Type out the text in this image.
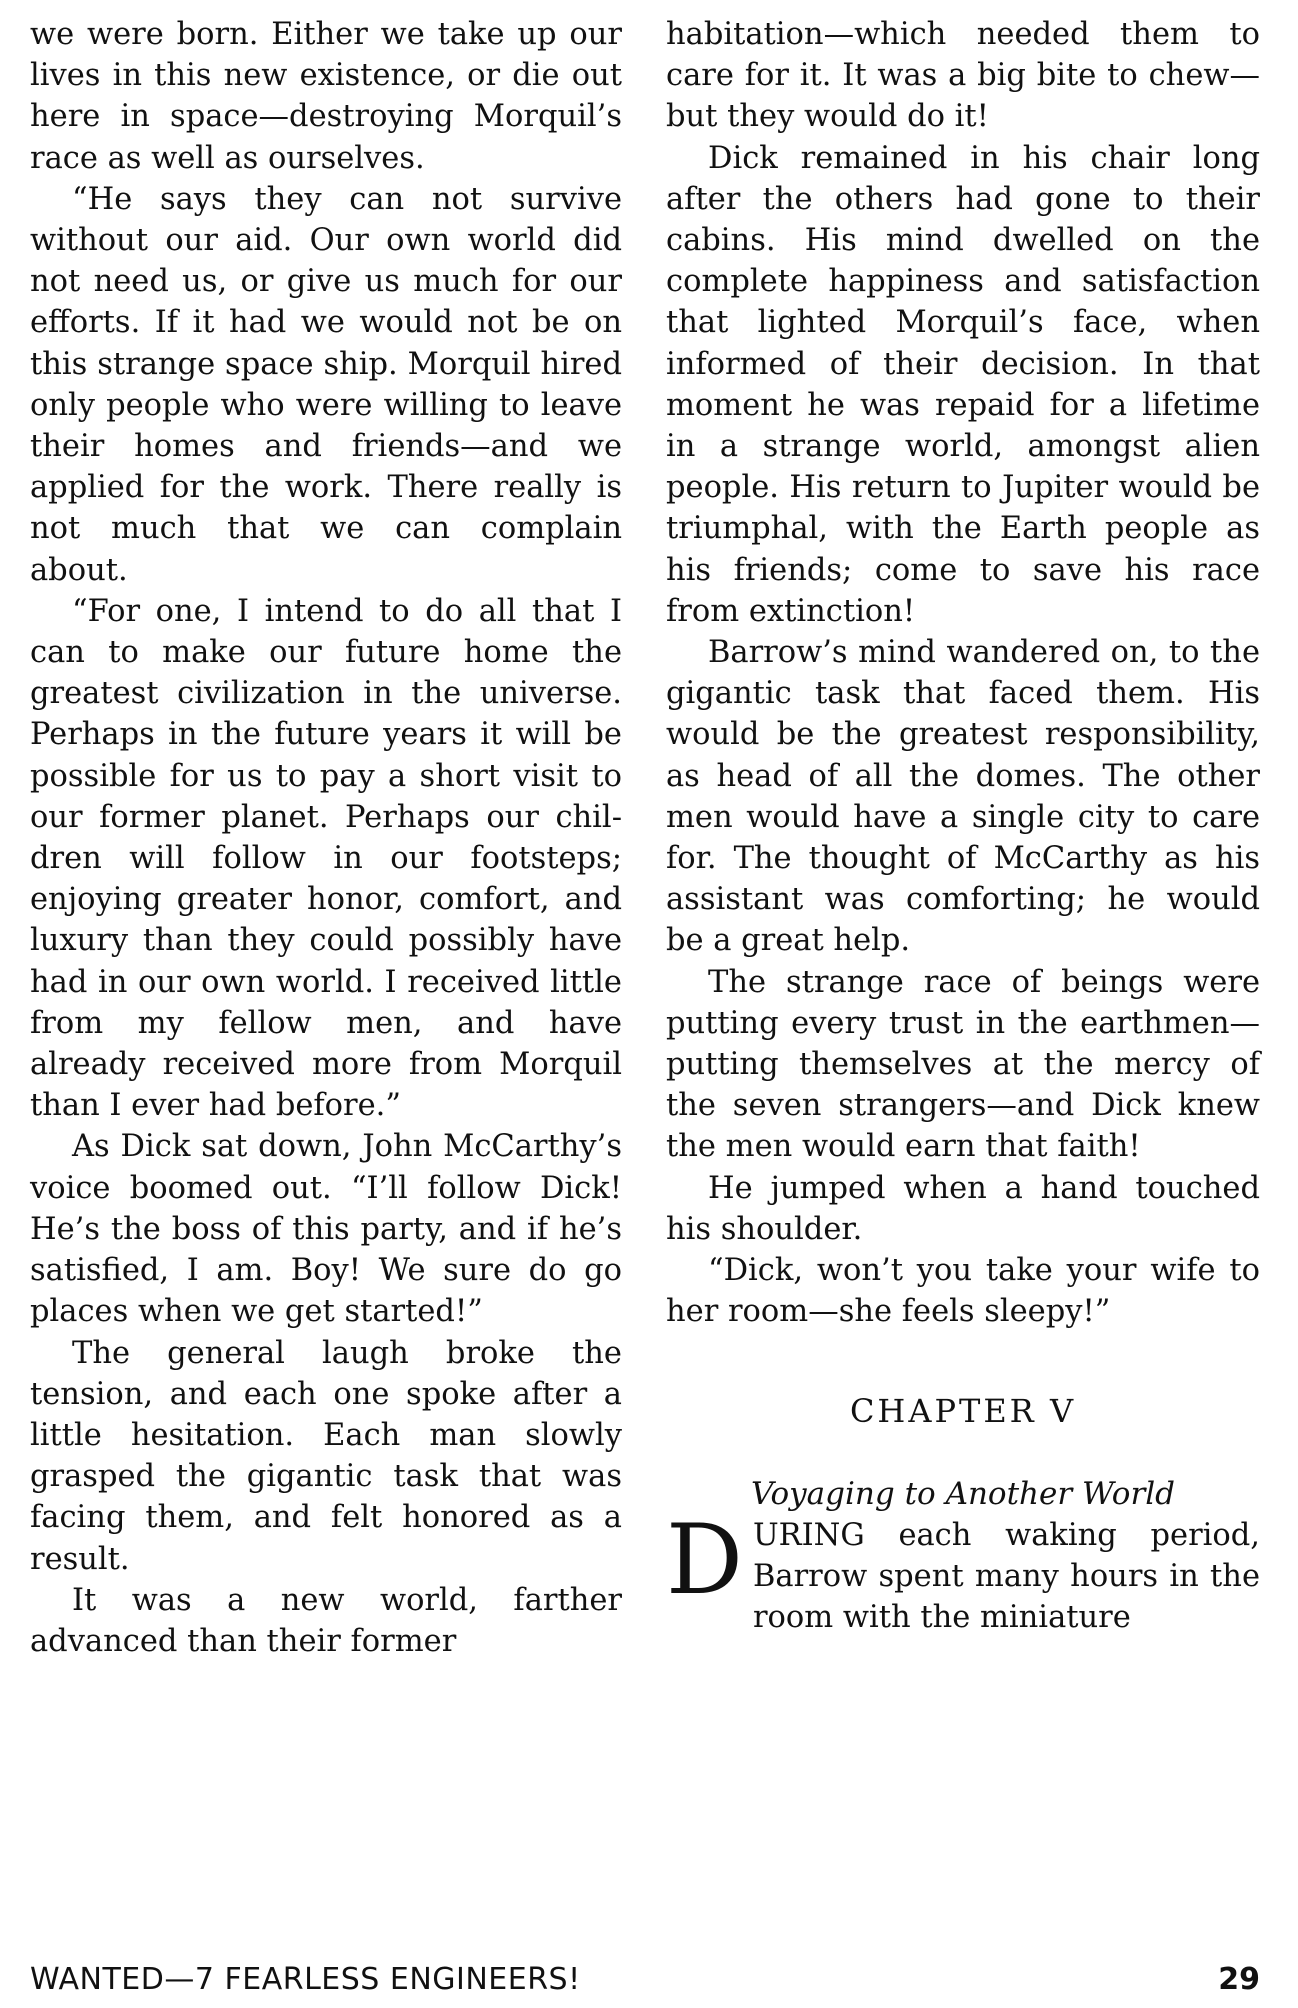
we were born. Either we take up our lives in this new existence, or die out here in space—destroying Morquil’s race as well as ourselves.

“He says they can not survive without our aid. Our own world did not need us, or give us much for our efforts. If it had we would not be on this strange space ship. Morquil hired only people who were willing to leave their homes and friends—and we applied for the work. There really is not much that we can complain about.

“For one, I intend to do all that I can to make our future home the greatest civilization in the universe. Perhaps in the future years it will be possible for us to pay a short visit to our former planet. Perhaps our children will follow in our footsteps; enjoying greater honor, comfort, and luxury than they could possibly have had in our own world. I received little from my fellow men, and have already received more from Morquil than I ever had before.”

As Dick sat down, John McCarthy’s voice boomed out. “I’ll follow Dick! He’s the boss of this party, and if he’s satisfied, I am. Boy! We sure do go places when we get started!”

The general laugh broke the tension, and each one spoke after a little hesitation. Each man slowly grasped the gigantic task that was facing them, and felt honored as a result.

It was a new world, farther advanced than their former

habitation—which needed them to care for it. It was a big bite to chew—but they would do it!

Dick remained in his chair long after the others had gone to their cabins. His mind dwelled on the complete happiness and satisfaction that lighted Morquil’s face, when informed of their decision. In that moment he was repaid for a lifetime in a strange world, amongst alien people. His return to Jupiter would be triumphal, with the Earth people as his friends; come to save his race from extinction!

Barrow’s mind wandered on, to the gigantic task that faced them. His would be the greatest responsibility, as head of all the domes. The other men would have a single city to care for. The thought of McCarthy as his assistant was comforting; he would be a great help.

The strange race of beings were putting every trust in the earthmen—putting themselves at the mercy of the seven strangers—and Dick knew the men would earn that faith!

He jumped when a hand touched his shoulder.

“Dick, won’t you take your wife to her room—she feels sleepy!”

CHAPTER V
Voyaging to Another World

DURING each waking period, Barrow spent many hours in the room with the miniature

WANTED—7 FEARLESS ENGINEERS!	29
